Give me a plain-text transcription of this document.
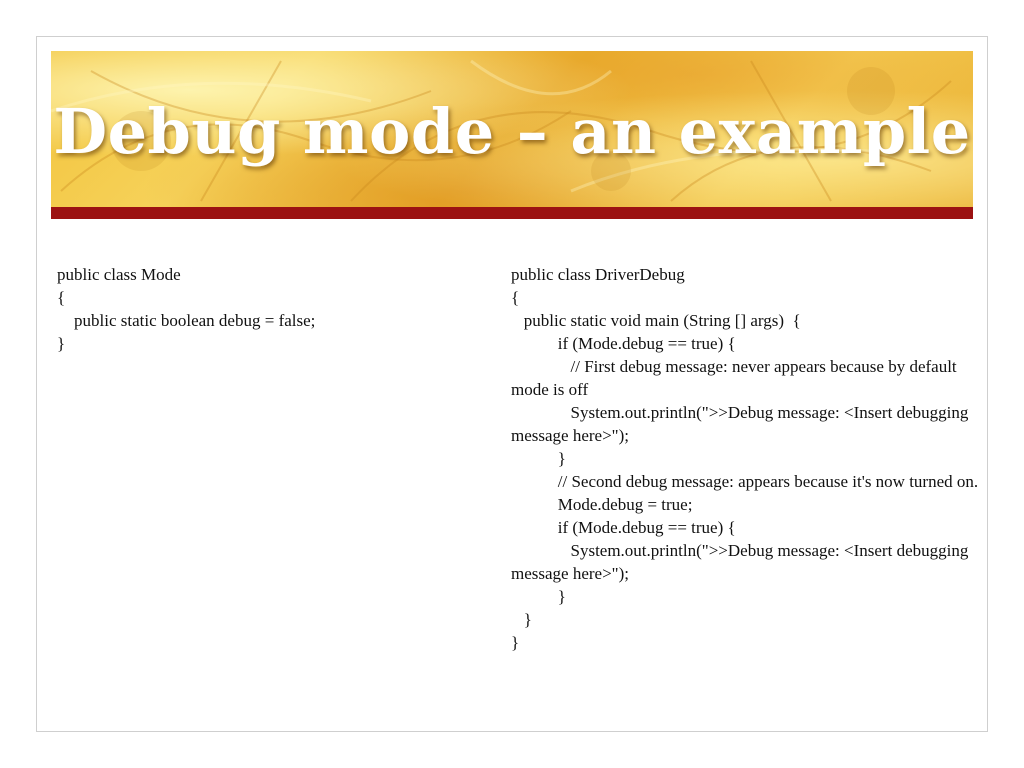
Debug mode – an example
public class Mode
{
public static boolean debug = false;
}
public class DriverDebug
{
public static void main (String [] args)  {
if (Mode.debug == true) {
// First debug message: never appears because by default mode is off
System.out.println(">>Debug message: <Insert debugging message here>");
}
// Second debug message: appears because it's now turned on.
Mode.debug = true;
if (Mode.debug == true) {
System.out.println(">>Debug message: <Insert debugging message here>");
}
}
}
